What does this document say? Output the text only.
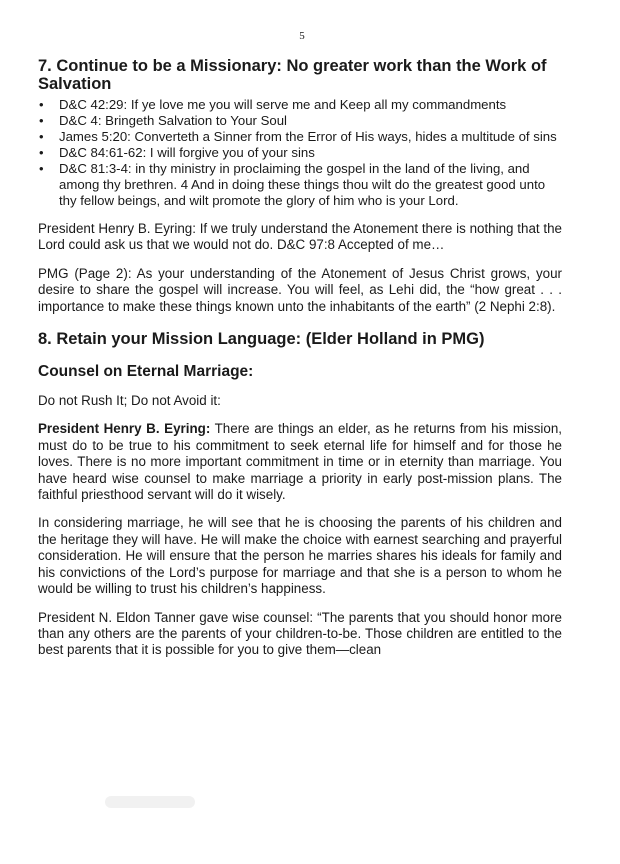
5
7. Continue to be a Missionary: No greater work than the Work of Salvation
• D&C 42:29: If ye love me you will serve me and Keep all my commandments
• D&C 4: Bringeth Salvation to Your Soul
• James 5:20: Converteth a Sinner from the Error of His ways, hides a multitude of sins
• D&C 84:61-62: I will forgive you of your sins
• D&C 81:3-4: in thy ministry in proclaiming the gospel in the land of the living, and among thy brethren. 4 And in doing these things thou wilt do the greatest good unto thy fellow beings, and wilt promote the glory of him who is your Lord.

President Henry B. Eyring: If we truly understand the Atonement there is nothing that the Lord could ask us that we would not do. D&C 97:8 Accepted of me…

PMG (Page 2): As your understanding of the Atonement of Jesus Christ grows, your desire to share the gospel will increase. You will feel, as Lehi did, the “how great . . . importance to make these things known unto the inhabitants of the earth” (2 Nephi 2:8).

8. Retain your Mission Language: (Elder Holland in PMG)
Counsel on Eternal Marriage:

Do not Rush It; Do not Avoid it:

President Henry B. Eyring: There are things an elder, as he returns from his mission, must do to be true to his commitment to seek eternal life for himself and for those he loves. There is no more important commitment in time or in eternity than marriage. You have heard wise counsel to make marriage a priority in early post-mission plans. The faithful priesthood servant will do it wisely.

In considering marriage, he will see that he is choosing the parents of his children and the heritage they will have. He will make the choice with earnest searching and prayerful consideration. He will ensure that the person he marries shares his ideals for family and his convictions of the Lord’s purpose for marriage and that she is a person to whom he would be willing to trust his children’s happiness.

President N. Eldon Tanner gave wise counsel: “The parents that you should honor more than any others are the parents of your children-to-be. Those children are entitled to the best parents that it is possible for you to give them—clean
